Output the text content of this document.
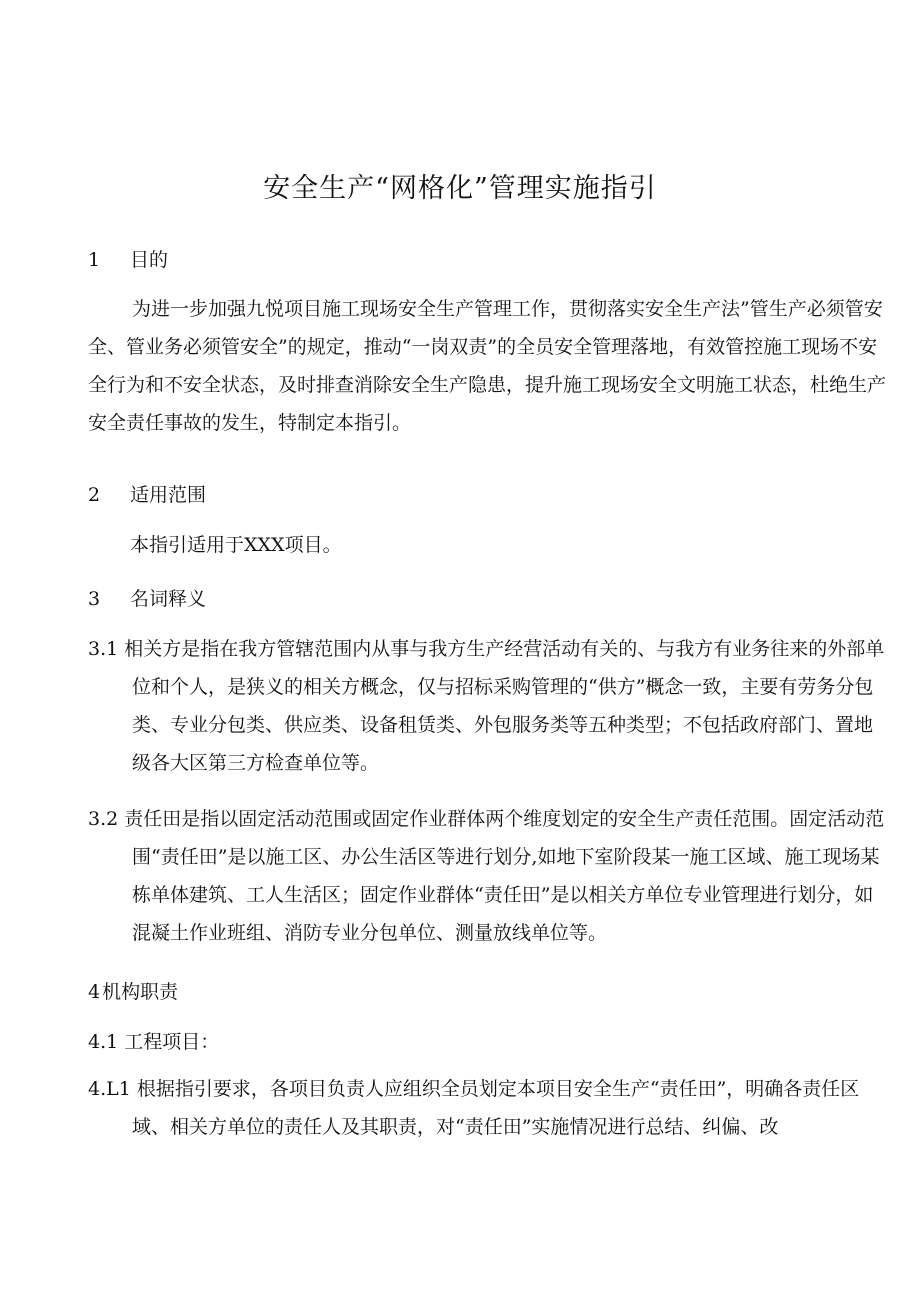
安全生产“网格化”管理实施指引
1 目的
为进一步加强九悦项目施工现场安全生产管理工作，贯彻落实安全生产法”管生产必须管安全、管业务必须管安全”的规定，推动“一岗双责”的全员安全管理落地，有效管控施工现场不安全行为和不安全状态，及时排查消除安全生产隐患，提升施工现场安全文明施工状态，杜绝生产安全责任事故的发生，特制定本指引。
2 适用范围
本指引适用于XXX项目。
3 名词释义
3.1 相关方是指在我方管辖范围内从事与我方生产经营活动有关的、与我方有业务往来的外部单位和个人，是狭义的相关方概念，仅与招标采购管理的“供方”概念一致，主要有劳务分包类、专业分包类、供应类、设备租赁类、外包服务类等五种类型；不包括政府部门、置地级各大区第三方检查单位等。
3.2 责任田是指以固定活动范围或固定作业群体两个维度划定的安全生产责任范围。固定活动范围“责任田”是以施工区、办公生活区等进行划分,如地下室阶段某一施工区域、施工现场某栋单体建筑、工人生活区；固定作业群体“责任田”是以相关方单位专业管理进行划分，如混凝土作业班组、消防专业分包单位、测量放线单位等。
4 机构职责
4.1 工程项目：
4.L1 根据指引要求，各项目负责人应组织全员划定本项目安全生产“责任田”，明确各责任区域、相关方单位的责任人及其职责，对“责任田”实施情况进行总结、纠偏、改
